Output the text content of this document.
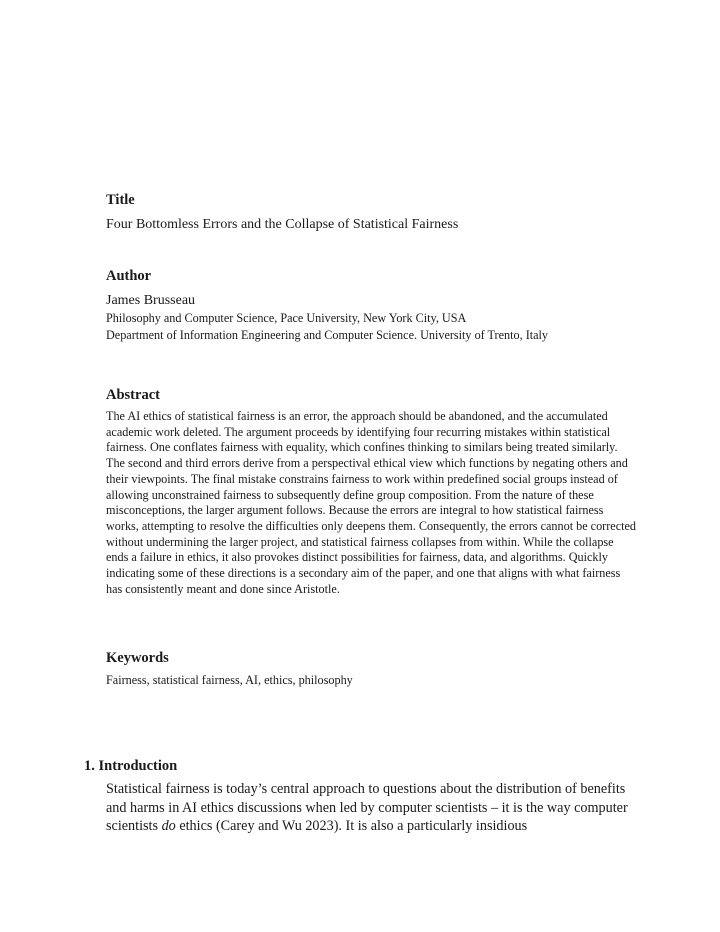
Title

Four Bottomless Errors and the Collapse of Statistical Fairness

Author

James Brusseau

Philosophy and Computer Science, Pace University, New York City, USA

Department of Information Engineering and Computer Science. University of Trento, Italy

Abstract

The AI ethics of statistical fairness is an error, the approach should be abandoned, and the accumulated academic work deleted. The argument proceeds by identifying four recurring mistakes within statistical fairness. One conflates fairness with equality, which confines thinking to similars being treated similarly. The second and third errors derive from a perspectival ethical view which functions by negating others and their viewpoints. The final mistake constrains fairness to work within predefined social groups instead of allowing unconstrained fairness to subsequently define group composition. From the nature of these misconceptions, the larger argument follows. Because the errors are integral to how statistical fairness works, attempting to resolve the difficulties only deepens them. Consequently, the errors cannot be corrected without undermining the larger project, and statistical fairness collapses from within. While the collapse ends a failure in ethics, it also provokes distinct possibilities for fairness, data, and algorithms. Quickly indicating some of these directions is a secondary aim of the paper, and one that aligns with what fairness has consistently meant and done since Aristotle.

Keywords

Fairness, statistical fairness, AI, ethics, philosophy

1. Introduction

Statistical fairness is today’s central approach to questions about the distribution of benefits and harms in AI ethics discussions when led by computer scientists – it is the way computer scientists do ethics (Carey and Wu 2023). It is also a particularly insidious
